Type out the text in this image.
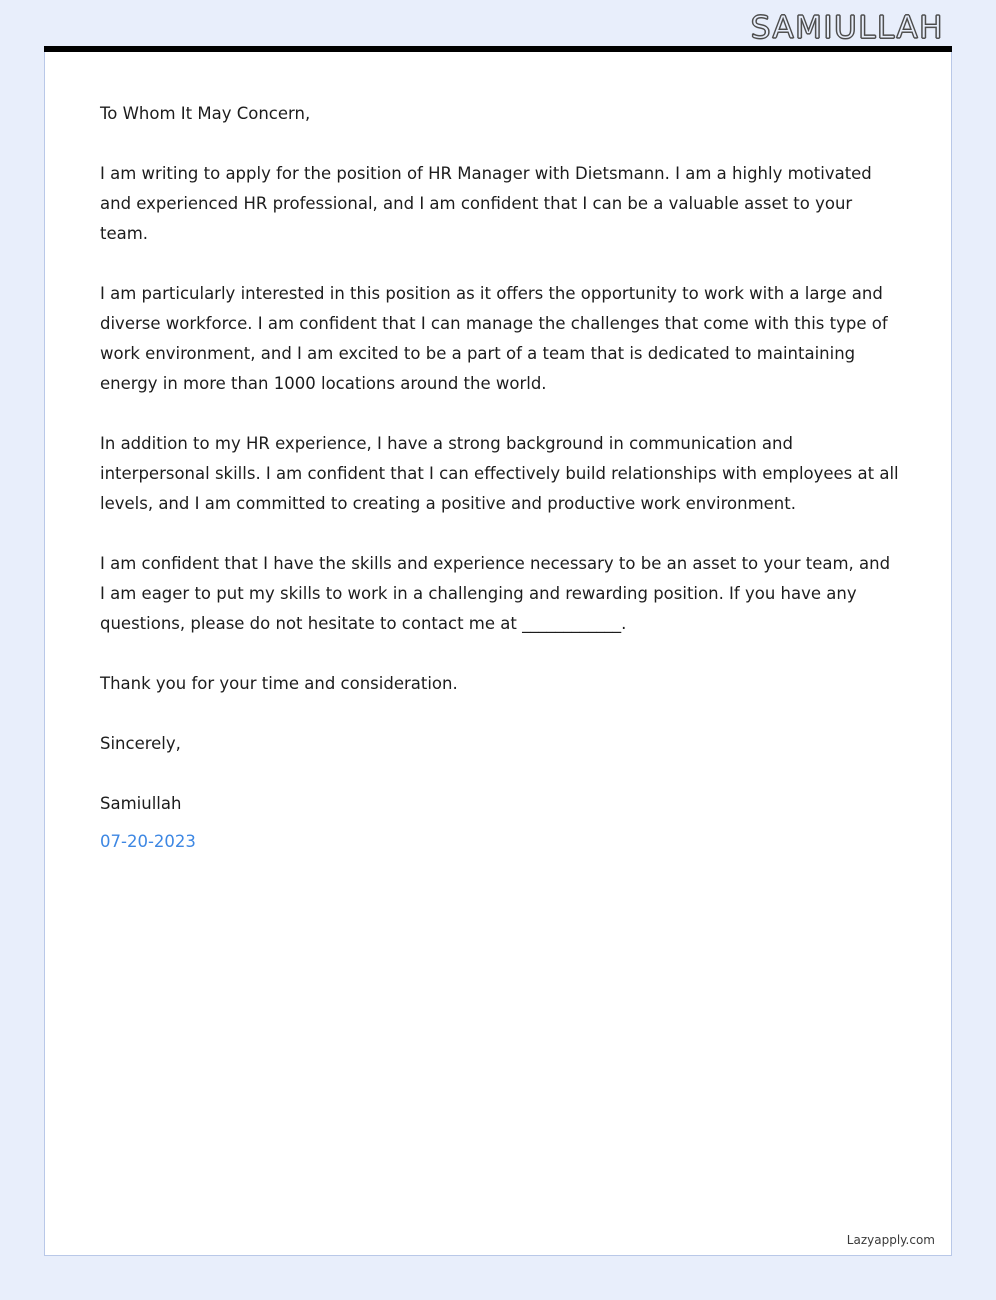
SAMIULLAH

To Whom It May Concern,

I am writing to apply for the position of HR Manager with Dietsmann. I am a highly motivated and experienced HR professional, and I am confident that I can be a valuable asset to your team.

I am particularly interested in this position as it offers the opportunity to work with a large and diverse workforce. I am confident that I can manage the challenges that come with this type of work environment, and I am excited to be a part of a team that is dedicated to maintaining energy in more than 1000 locations around the world.

In addition to my HR experience, I have a strong background in communication and interpersonal skills. I am confident that I can effectively build relationships with employees at all levels, and I am committed to creating a positive and productive work environment.

I am confident that I have the skills and experience necessary to be an asset to your team, and I am eager to put my skills to work in a challenging and rewarding position. If you have any questions, please do not hesitate to contact me at ____________.

Thank you for your time and consideration.

Sincerely,

Samiullah

07-20-2023

Lazyapply.com
